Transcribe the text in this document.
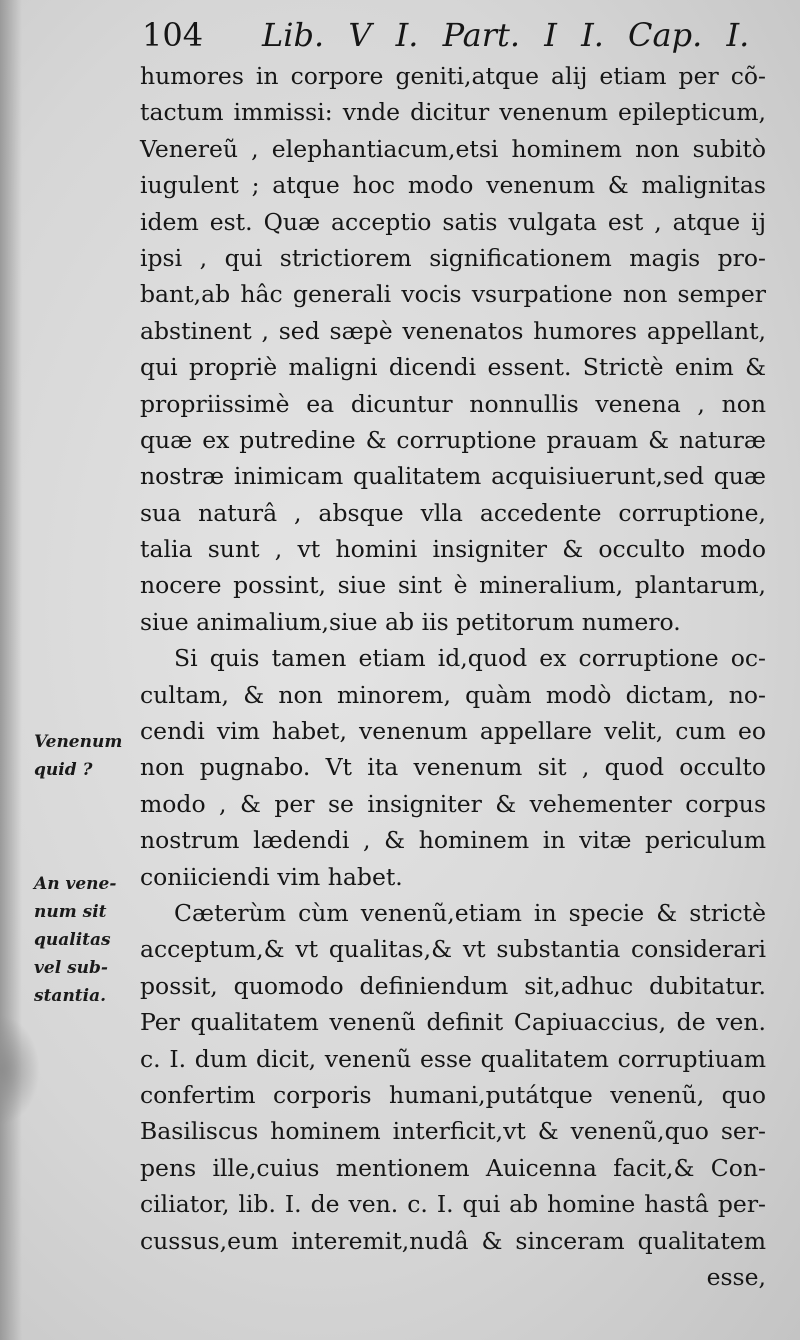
104 Lib. V I. Part. I I. Cap. I.
Venenum
quid ?
An vene-
num sit
qualitas
vel sub-
stantia.
humores in corpore geniti,atque alij etiam per cõ-
tactum immissi: vnde dicitur venenum epilepticum,
Venereũ , elephantiacum,etsi hominem non subitò
iugulent ; atque hoc modo venenum & malignitas
idem est. Quæ acceptio satis vulgata est , atque ij
ipsi , qui strictiorem significationem magis pro-
bant,ab hâc generali vocis vsurpatione non semper
abstinent , sed sæpè venenatos humores appellant,
qui propriè maligni dicendi essent. Strictè enim &
propriissimè ea dicuntur nonnullis venena , non
quæ ex putredine & corruptione prauam & naturæ
nostræ inimicam qualitatem acquisiuerunt,sed quæ
sua naturâ , absque vlla accedente corruptione,
talia sunt , vt homini insigniter & occulto modo
nocere possint, siue sint è mineralium, plantarum,
siue animalium,siue ab iis petitorum numero.
Si quis tamen etiam id,quod ex corruptione oc-
cultam, & non minorem, quàm modò dictam, no-
cendi vim habet, venenum appellare velit, cum eo
non pugnabo. Vt ita venenum sit , quod occulto
modo , & per se insigniter & vehementer corpus
nostrum lædendi , & hominem in vitæ periculum
coniiciendi vim habet.
Cæterùm cùm venenũ,etiam in specie & strictè
acceptum,& vt qualitas,& vt substantia considerari
possit, quomodo definiendum sit,adhuc dubitatur.
Per qualitatem venenũ definit Capiuaccius, de ven.
c. I. dum dicit, venenũ esse qualitatem corruptiuam
confertim corporis humani,putátque venenũ, quo
Basiliscus hominem interficit,vt & venenũ,quo ser-
pens ille,cuius mentionem Auicenna facit,& Con-
ciliator, lib. I. de ven. c. I. qui ab homine hastâ per-
cussus,eum interemit,nudâ & sinceram qualitatem
esse,
